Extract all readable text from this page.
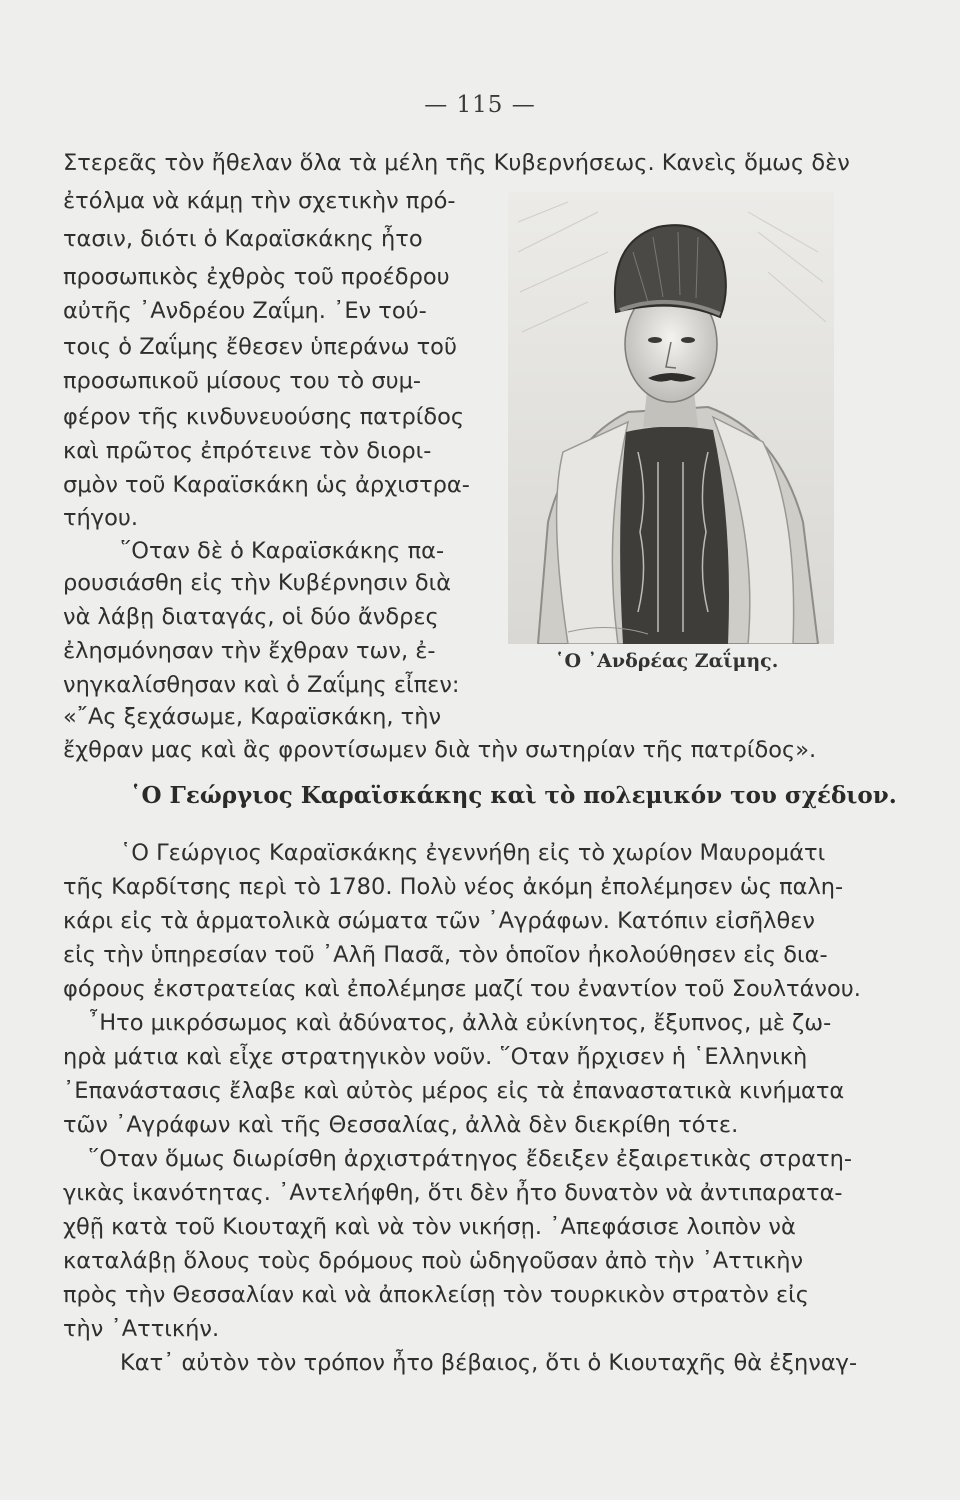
— 115 —
Στερεᾶς τὸν ἤθελαν ὅλα τὰ μέλη τῆς Κυβερνήσεως. Κανεὶς ὅμως δὲν
ἐτόλμα νὰ κάμῃ τὴν σχετικὴν πρό-
τασιν, διότι ὁ Καραϊσκάκης ἦτο
προσωπικὸς ἐχθρὸς τοῦ προέδρου
αὐτῆς ᾿Ανδρέου Ζαΐμη. ᾿Εν τού-
τοις ὁ Ζαΐμης ἔθεσεν ὑπεράνω τοῦ
προσωπικοῦ μίσους του τὸ συμ-
φέρον τῆς κινδυνευούσης πατρίδος
καὶ πρῶτος ἐπρότεινε τὸν διορι-
σμὸν τοῦ Καραϊσκάκη ὡς ἀρχιστρα-
τήγου.
῞Οταν δὲ ὁ Καραϊσκάκης πα-
ρουσιάσθη εἰς τὴν Κυβέρνησιν διὰ
νὰ λάβῃ διαταγάς, οἱ δύο ἄνδρες
ἐλησμόνησαν τὴν ἔχθραν των, ἐ-
νηγκαλίσθησαν καὶ ὁ Ζαΐμης εἶπεν:
«῎Ας ξεχάσωμε, Καραϊσκάκη, τὴν
ἔχθραν μας καὶ ἂς φροντίσωμεν διὰ τὴν σωτηρίαν τῆς πατρίδος».
῾Ο ᾿Ανδρέας Ζαΐμης.
῾Ο Γεώργιος Καραϊσκάκης καὶ τὸ πολεμικόν του σχέδιον.
῾Ο Γεώργιος Καραϊσκάκης ἐγεννήθη εἰς τὸ χωρίον Μαυρομάτι
τῆς Καρδίτσης περὶ τὸ 1780. Πολὺ νέος ἀκόμη ἐπολέμησεν ὡς παλη-
κάρι εἰς τὰ ἁρματολικὰ σώματα τῶν ᾿Αγράφων. Κατόπιν εἰσῆλθεν
εἰς τὴν ὑπηρεσίαν τοῦ ᾿Αλῆ Πασᾶ, τὸν ὁποῖον ἠκολούθησεν εἰς δια-
φόρους ἐκστρατείας καὶ ἐπολέμησε μαζί του ἐναντίον τοῦ Σουλτάνου.
῏Ητο μικρόσωμος καὶ ἀδύνατος, ἀλλὰ εὐκίνητος, ἔξυπνος, μὲ ζω-
ηρὰ μάτια καὶ εἶχε στρατηγικὸν νοῦν. ῞Οταν ἤρχισεν ἡ ῾Ελληνικὴ
᾿Επανάστασις ἔλαβε καὶ αὐτὸς μέρος εἰς τὰ ἐπαναστατικὰ κινήματα
τῶν ᾿Αγράφων καὶ τῆς Θεσσαλίας, ἀλλὰ δὲν διεκρίθη τότε.
῞Οταν ὅμως διωρίσθη ἀρχιστράτηγος ἔδειξεν ἐξαιρετικὰς στρατη-
γικὰς ἱκανότητας. ᾿Αντελήφθη, ὅτι δὲν ἦτο δυνατὸν νὰ ἀντιπαρατα-
χθῇ κατὰ τοῦ Κιουταχῆ καὶ νὰ τὸν νικήσῃ. ᾿Απεφάσισε λοιπὸν νὰ
καταλάβῃ ὅλους τοὺς δρόμους ποὺ ὡδηγοῦσαν ἀπὸ τὴν ᾿Αττικὴν
πρὸς τὴν Θεσσαλίαν καὶ νὰ ἀποκλείσῃ τὸν τουρκικὸν στρατὸν εἰς
τὴν ᾿Αττικήν.
Κατ᾿ αὐτὸν τὸν τρόπον ἦτο βέβαιος, ὅτι ὁ Κιουταχῆς θὰ ἐξηναγ-
